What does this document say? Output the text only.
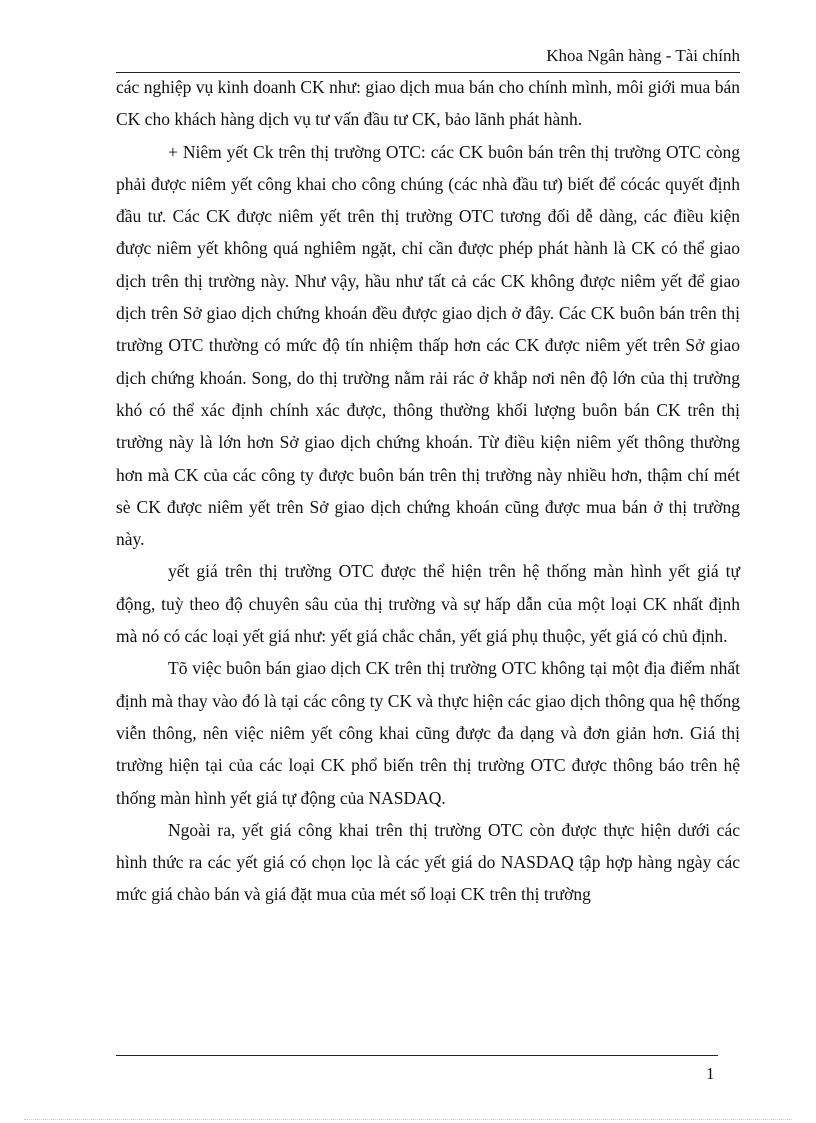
Khoa Ngân hàng - Tài chính

các nghiệp vụ kinh doanh CK như: giao dịch mua bán cho chính mình, môi giới mua bán CK cho khách hàng dịch vụ tư vấn đầu tư CK, bảo lãnh phát hành.

+ Niêm yết Ck trên thị trường OTC: các CK buôn bán trên thị trường OTC còng phải được niêm yết công khai cho công chúng (các nhà đầu tư) biết để cócác quyết định đầu tư. Các CK được niêm yết trên thị trường OTC tương đối dễ dàng, các điều kiện được niêm yết không quá nghiêm ngặt, chỉ cần được phép phát hành là CK có thể giao dịch trên thị trường này. Như vậy, hầu như tất cả các CK không được niêm yết để giao dịch trên Sở giao dịch chứng khoán đều được giao dịch ở đây. Các CK buôn bán trên thị trường OTC thường có mức độ tín nhiệm thấp hơn các CK được niêm yết trên Sở giao dịch chứng khoán. Song, do thị trường nằm rải rác ở khắp nơi nên độ lớn của thị trường khó có thể xác định chính xác được, thông thường khối lượng buôn bán CK trên thị trường này là lớn hơn Sở giao dịch chứng khoán. Từ điều kiện niêm yết thông thường hơn mà CK của các công ty được buôn bán trên thị trường này nhiều hơn, thậm chí mét sè CK được niêm yết trên Sở giao dịch chứng khoán cũng được mua bán ở thị trường này.

yết giá trên thị trường OTC được thể hiện trên hệ thống màn hình yết giá tự động, tuỳ theo độ chuyên sâu của thị trường và sự hấp dẫn của một loại CK nhất định mà nó có các loại yết giá như: yết giá chắc chắn, yết giá phụ thuộc, yết giá có chủ định.

Tõ việc buôn bán giao dịch CK trên thị trường OTC không tại một địa điểm nhất định mà thay vào đó là tại các công ty CK và thực hiện các giao dịch thông qua hệ thống viễn thông, nên việc niêm yết công khai cũng được đa dạng và đơn giản hơn. Giá thị trường hiện tại của các loại CK phổ biến trên thị trường OTC được thông báo trên hệ thống màn hình yết giá tự động của NASDAQ.

Ngoài ra, yết giá công khai trên thị trường OTC còn được thực hiện dưới các hình thức ra các yết giá có chọn lọc là các yết giá do NASDAQ tập hợp hàng ngày các mức giá chào bán và giá đặt mua của mét số loại CK trên thị trường

1
